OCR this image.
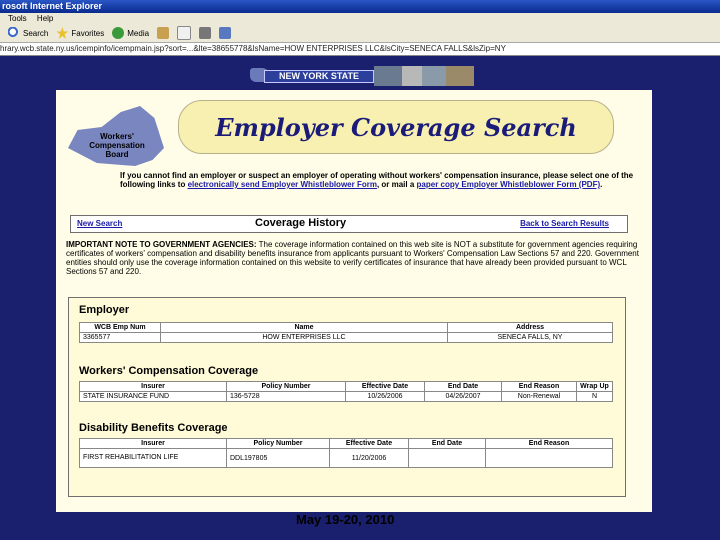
rosoft Internet Explorer
Tools Help
Search	Favorites	Media
hrary.wcb.state.ny.us/icempinfo/icempmain.jsp?sort=...&lte=38655778&lsName=HOW ENTERPRISES LLC&lsCity=SENECA FALLS&lsZip=NY
NEW YORK STATE
Workers'
Compensation
Board
Employer Coverage Search
If you cannot find an employer or suspect an employer of operating without workers' compensation insurance, please select one of the following links to electronically send Employer Whistleblower Form, or mail a paper copy Employer Whistleblower Form (PDF).
New Search	Coverage History	Back to Search Results
IMPORTANT NOTE TO GOVERNMENT AGENCIES: The coverage information contained on this web site is NOT a substitute for government agencies requiring certificates of workers' compensation and disability benefits insurance from applicants pursuant to Workers' Compensation Law Sections 57 and 220. Government entities should only use the coverage information contained on this website to verify certificates of insurance that have already been provided pursuant to WCL Sections 57 and 220.
Employer
WCB Emp Num	Name	Address
3365577	HOW ENTERPRISES LLC	SENECA FALLS, NY
Workers' Compensation Coverage
Insurer	Policy Number	Effective Date	End Date	End Reason	Wrap Up
STATE INSURANCE FUND	136-5728	10/26/2006	04/26/2007	Non-Renewal	N
Disability Benefits Coverage
Insurer	Policy Number	Effective Date	End Date	End Reason
FIRST REHABILITATION LIFE	DDL197805	11/20/2006		
May 19-20, 2010
